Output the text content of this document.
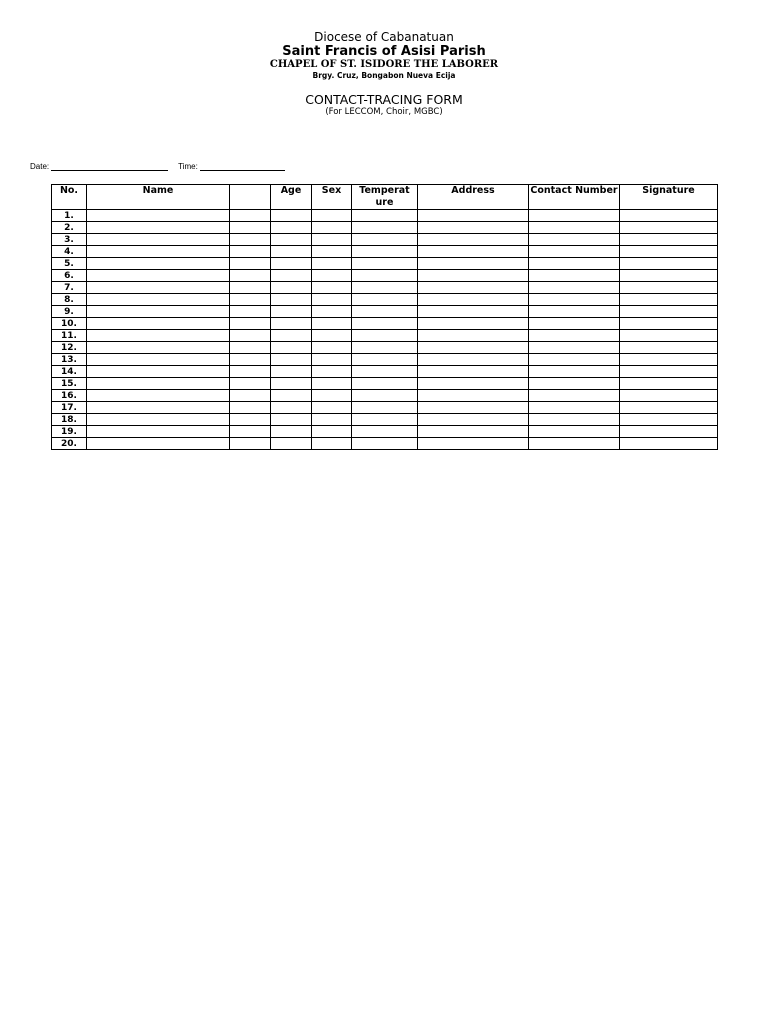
Diocese of Cabanatuan
Saint Francis of Asisi Parish
CHAPEL OF ST. ISIDORE THE LABORER
Brgy. Cruz, Bongabon Nueva Ecija
CONTACT-TRACING FORM
(For LECCOM, Choir, MGBC)
Date:	Time:
No.	Name		Age	Sex	Temperat ure	Address	Contact Number	Signature
1.								
2.								
3.								
4.								
5.								
6.								
7.								
8.								
9.								
10.								
11.								
12.								
13.								
14.								
15.								
16.								
17.								
18.								
19.								
20.								
